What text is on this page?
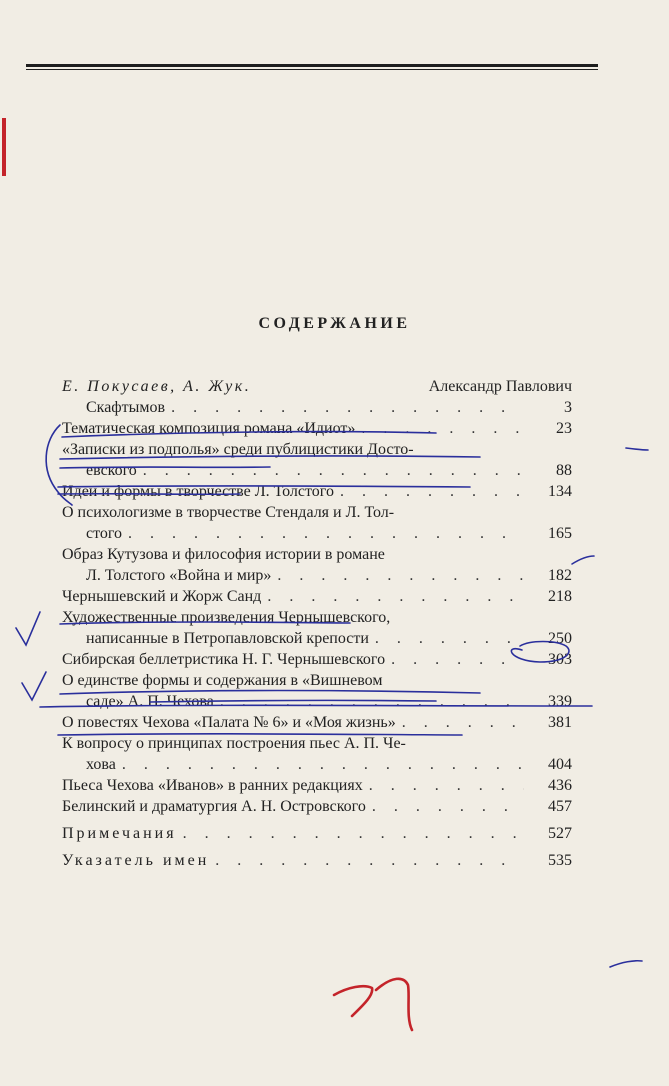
СОДЕРЖАНИЕ
Е. Покусаев, А. Жук.	Александр Павлович
Скафтымов . . .	3
Тематическая композиция романа «Идиот» . . .	23
«Записки из подполья» среди публицистики Досто-
евского . . .	88
Идеи и формы в творчестве Л. Толстого . . .	134
О психологизме в творчестве Стендаля и Л. Тол-
стого . . .	165
Образ Кутузова и философия истории в романе
Л. Толстого «Война и мир» . . .	182
Чернышевский и Жорж Санд . . .	218
Художественные произведения Чернышевского,
написанные в Петропавловской крепости . . .	250
Сибирская беллетристика Н. Г. Чернышевского . . .	303
О единстве формы и содержания в «Вишневом
саде» А. П. Чехова . . .	339
О повестях Чехова «Палата № 6» и «Моя жизнь» . . .	381
К вопросу о принципах построения пьес А. П. Че-
хова . . .	404
Пьеса Чехова «Иванов» в ранних редакциях . . .	436
Белинский и драматургия А. Н. Островского . . .	457
Примечания . . .	527
Указатель имен . . .	535
